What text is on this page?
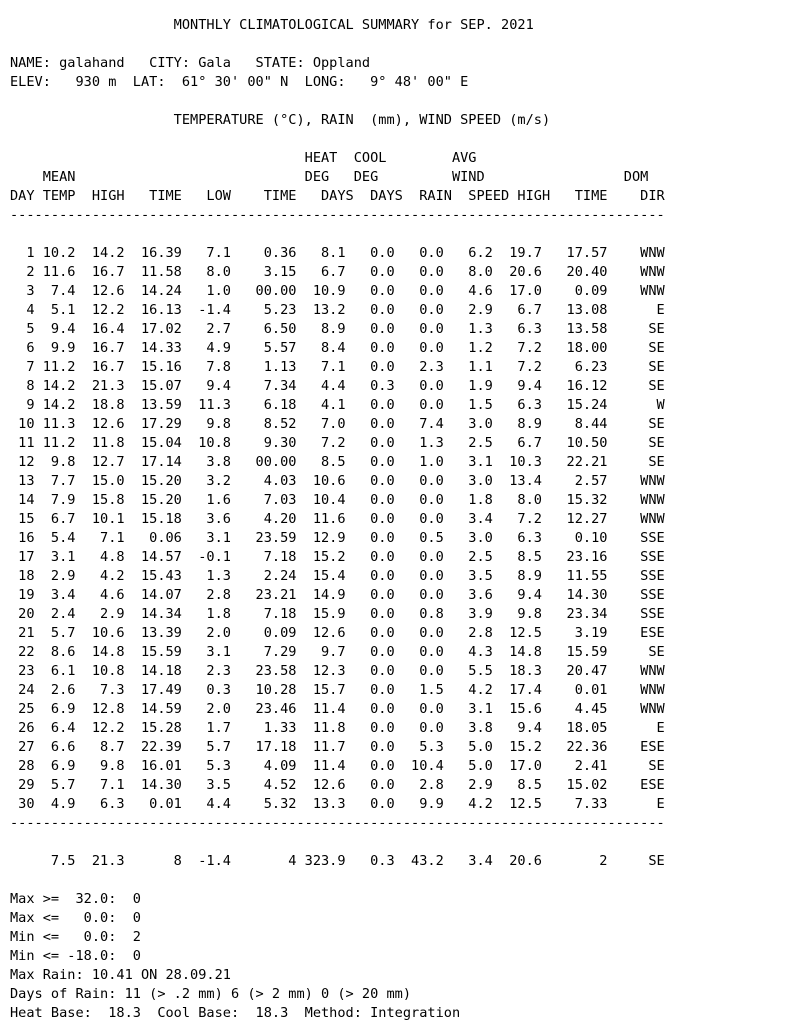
MONTHLY CLIMATOLOGICAL SUMMARY for SEP. 2021
NAME: galahand   CITY: Gala   STATE: Oppland
ELEV:   930 m  LAT:  61° 30' 00" N  LONG:   9° 48' 00" E
TEMPERATURE (°C), RAIN  (mm), WIND SPEED (m/s)
HEAT  COOL        AVG
MEAN                            DEG   DEG         WIND                 DOM
DAY TEMP  HIGH   TIME   LOW    TIME   DAYS  DAYS  RAIN  SPEED HIGH   TIME    DIR
--------------------------------------------------------------------------------
1 10.2  14.2  16.39   7.1    0.36   8.1   0.0   0.0   6.2  19.7   17.57    WNW
2 11.6  16.7  11.58   8.0    3.15   6.7   0.0   0.0   8.0  20.6   20.40    WNW
3  7.4  12.6  14.24   1.0   00.00  10.9   0.0   0.0   4.6  17.0    0.09    WNW
4  5.1  12.2  16.13  -1.4    5.23  13.2   0.0   0.0   2.9   6.7   13.08      E
5  9.4  16.4  17.02   2.7    6.50   8.9   0.0   0.0   1.3   6.3   13.58     SE
6  9.9  16.7  14.33   4.9    5.57   8.4   0.0   0.0   1.2   7.2   18.00     SE
7 11.2  16.7  15.16   7.8    1.13   7.1   0.0   2.3   1.1   7.2    6.23     SE
8 14.2  21.3  15.07   9.4    7.34   4.4   0.3   0.0   1.9   9.4   16.12     SE
9 14.2  18.8  13.59  11.3    6.18   4.1   0.0   0.0   1.5   6.3   15.24      W
10 11.3  12.6  17.29   9.8    8.52   7.0   0.0   7.4   3.0   8.9    8.44     SE
11 11.2  11.8  15.04  10.8    9.30   7.2   0.0   1.3   2.5   6.7   10.50     SE
12  9.8  12.7  17.14   3.8   00.00   8.5   0.0   1.0   3.1  10.3   22.21     SE
13  7.7  15.0  15.20   3.2    4.03  10.6   0.0   0.0   3.0  13.4    2.57    WNW
14  7.9  15.8  15.20   1.6    7.03  10.4   0.0   0.0   1.8   8.0   15.32    WNW
15  6.7  10.1  15.18   3.6    4.20  11.6   0.0   0.0   3.4   7.2   12.27    WNW
16  5.4   7.1   0.06   3.1   23.59  12.9   0.0   0.5   3.0   6.3    0.10    SSE
17  3.1   4.8  14.57  -0.1    7.18  15.2   0.0   0.0   2.5   8.5   23.16    SSE
18  2.9   4.2  15.43   1.3    2.24  15.4   0.0   0.0   3.5   8.9   11.55    SSE
19  3.4   4.6  14.07   2.8   23.21  14.9   0.0   0.0   3.6   9.4   14.30    SSE
20  2.4   2.9  14.34   1.8    7.18  15.9   0.0   0.8   3.9   9.8   23.34    SSE
21  5.7  10.6  13.39   2.0    0.09  12.6   0.0   0.0   2.8  12.5    3.19    ESE
22  8.6  14.8  15.59   3.1    7.29   9.7   0.0   0.0   4.3  14.8   15.59     SE
23  6.1  10.8  14.18   2.3   23.58  12.3   0.0   0.0   5.5  18.3   20.47    WNW
24  2.6   7.3  17.49   0.3   10.28  15.7   0.0   1.5   4.2  17.4    0.01    WNW
25  6.9  12.8  14.59   2.0   23.46  11.4   0.0   0.0   3.1  15.6    4.45    WNW
26  6.4  12.2  15.28   1.7    1.33  11.8   0.0   0.0   3.8   9.4   18.05      E
27  6.6   8.7  22.39   5.7   17.18  11.7   0.0   5.3   5.0  15.2   22.36    ESE
28  6.9   9.8  16.01   5.3    4.09  11.4   0.0  10.4   5.0  17.0    2.41     SE
29  5.7   7.1  14.30   3.5    4.52  12.6   0.0   2.8   2.9   8.5   15.02    ESE
30  4.9   6.3   0.01   4.4    5.32  13.3   0.0   9.9   4.2  12.5    7.33      E
--------------------------------------------------------------------------------
7.5  21.3      8  -1.4       4 323.9   0.3  43.2   3.4  20.6       2     SE
Max >=  32.0:  0
Max <=   0.0:  0
Min <=   0.0:  2
Min <= -18.0:  0
Max Rain: 10.41 ON 28.09.21
Days of Rain: 11 (> .2 mm) 6 (> 2 mm) 0 (> 20 mm)
Heat Base:  18.3  Cool Base:  18.3  Method: Integration
